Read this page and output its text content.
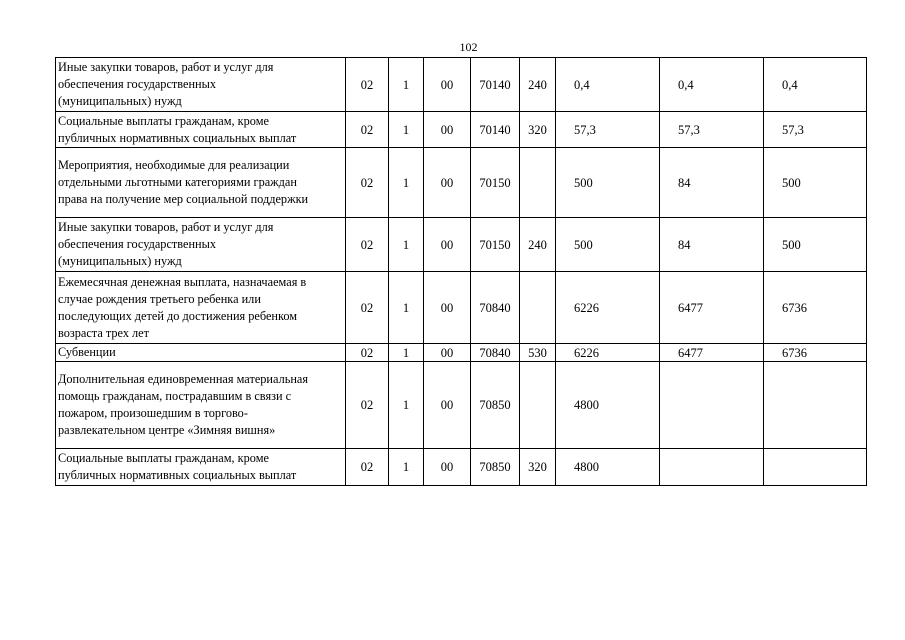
102
Иные закупки товаров, работ и услуг для
обеспечения государственных
(муниципальных) нужд	02	1	00	70140	240	0,4	0,4	0,4

Социальные выплаты гражданам, кроме
публичных нормативных социальных выплат	02	1	00	70140	320	57,3	57,3	57,3

Мероприятия, необходимые для реализации
отдельными льготными категориями граждан
права на получение мер социальной поддержки	02	1	00	70150		500	84	500

Иные закупки товаров, работ и услуг для
обеспечения государственных
(муниципальных) нужд	02	1	00	70150	240	500	84	500

Ежемесячная денежная выплата, назначаемая в
случае рождения третьего ребенка или
последующих детей до достижения ребенком
возраста трех лет	02	1	00	70840		6226	6477	6736

Субвенции	02	1	00	70840	530	6226	6477	6736

Дополнительная единовременная материальная
помощь гражданам, пострадавшим в связи с
пожаром, произошедшим в торгово-
развлекательном центре «Зимняя вишня»	02	1	00	70850		4800		

Социальные выплаты гражданам, кроме
публичных нормативных социальных выплат	02	1	00	70850	320	4800		
